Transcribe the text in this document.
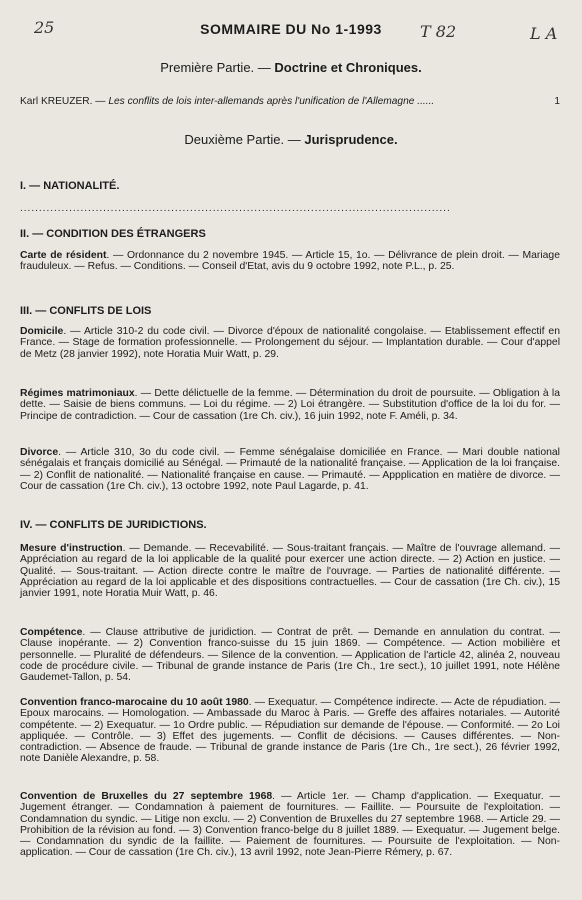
25	T 82	L A
SOMMAIRE DU No 1-1993
Première Partie. — Doctrine et Chroniques.
Karl KREUZER. — Les conflits de lois inter-allemands après l'unification de l'Allemagne ......	1
Deuxième Partie. — Jurisprudence.
I. — NATIONALITÉ.
..................................................................................................................
II. — CONDITION DES ÉTRANGERS

Carte de résident. — Ordonnance du 2 novembre 1945. — Article 15, 1o. — Délivrance de plein droit. — Mariage frauduleux. — Refus. — Conditions. — Conseil d'Etat, avis du 9 octobre 1992, note P.L., p. 25.

III. — CONFLITS DE LOIS

Domicile. — Article 310-2 du code civil. — Divorce d'époux de nationalité congolaise. — Etablissement effectif en France. — Stage de formation professionnelle. — Prolongement du séjour. — Implantation durable. — Cour d'appel de Metz (28 janvier 1992), note Horatia Muir Watt, p. 29.

Régimes matrimoniaux. — Dette délictuelle de la femme. — Détermination du droit de poursuite. — Obligation à la dette. — Saisie de biens communs. — Loi du régime. — 2) Loi étrangère. — Substitution d'office de la loi du for. — Principe de contradiction. — Cour de cassation (1re Ch. civ.), 16 juin 1992, note F. Améli, p. 34.

Divorce. — Article 310, 3o du code civil. — Femme sénégalaise domiciliée en France. — Mari double national sénégalais et français domicilié au Sénégal. — Primauté de la nationalité française. — Application de la loi française. — 2) Conflit de nationalité. — Nationalité française en cause. — Primauté. — Appplication en matière de divorce. — Cour de cassation (1re Ch. civ.), 13 octobre 1992, note Paul Lagarde, p. 41.

IV. — CONFLITS DE JURIDICTIONS.

Mesure d'instruction. — Demande. — Recevabilité. — Sous-traitant français. — Maître de l'ouvrage allemand. — Appréciation au regard de la loi applicable de la qualité pour exercer une action directe. — 2) Action en justice. — Qualité. — Sous-traitant. — Action directe contre le maître de l'ouvrage. — Parties de nationalité différente. — Appréciation au regard de la loi applicable et des dispositions contractuelles. — Cour de cassation (1re Ch. civ.), 15 janvier 1991, note Horatia Muir Watt, p. 46.

Compétence. — Clause attributive de juridiction. — Contrat de prêt. — Demande en annulation du contrat. — Clause inopérante. — 2) Convention franco-suisse du 15 juin 1869. — Compétence. — Action mobilière et personnelle. — Pluralité de défendeurs. — Silence de la convention. — Application de l'article 42, alinéa 2, nouveau code de procédure civile. — Tribunal de grande instance de Paris (1re Ch., 1re sect.), 10 juillet 1991, note Hélène Gaudemet-Tallon, p. 54.

Convention franco-marocaine du 10 août 1980. — Exequatur. — Compétence indirecte. — Acte de répudiation. — Epoux marocains. — Homologation. — Ambassade du Maroc à Paris. — Greffe des affaires notariales. — Autorité compétente. — 2) Exequatur. — 1o Ordre public. — Répudiation sur demande de l'épouse. — Conformité. — 2o Loi appliquée. — Contrôle. — 3) Effet des jugements. — Conflit de décisions. — Causes différentes. — Non-contradiction. — Absence de fraude. — Tribunal de grande instance de Paris (1re Ch., 1re sect.), 26 février 1992, note Danièle Alexandre, p. 58.

Convention de Bruxelles du 27 septembre 1968. — Article 1er. — Champ d'application. — Exequatur. — Jugement étranger. — Condamnation à paiement de fournitures. — Faillite. — Poursuite de l'exploitation. — Condamnation du syndic. — Litige non exclu. — 2) Convention de Bruxelles du 27 septembre 1968. — Article 29. — Prohibition de la révision au fond. — 3) Convention franco-belge du 8 juillet 1889. — Exequatur. — Jugement belge. — Condamnation du syndic de la faillite. — Paiement de fournitures. — Poursuite de l'exploitation. — Non-application. — Cour de cassation (1re Ch. civ.), 13 avril 1992, note Jean-Pierre Rémery, p. 67.
